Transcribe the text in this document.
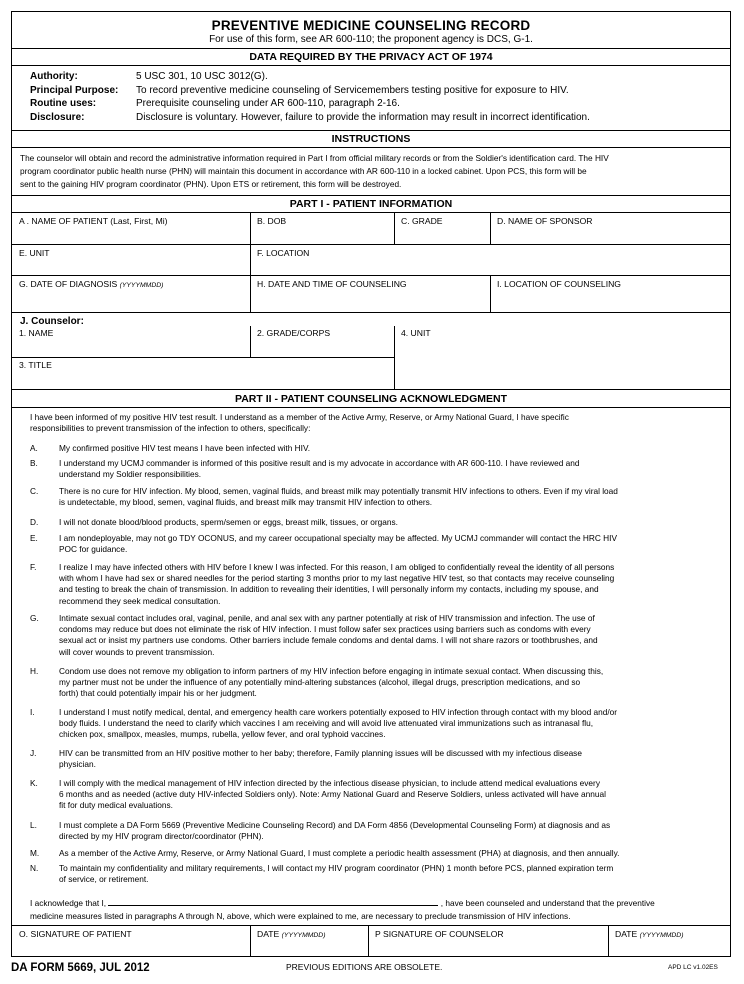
PREVENTIVE MEDICINE COUNSELING RECORD
For use of this form, see AR 600-110; the proponent agency is DCS, G-1.
DATA REQUIRED BY THE PRIVACY ACT OF 1974
Authority:	5 USC 301, 10 USC 3012(G).
Principal Purpose: To record preventive medicine counseling of Servicemembers testing positive for exposure to HIV.
Routine uses:	Prerequisite counseling under AR 600-110, paragraph 2-16.
Disclosure:	Disclosure is voluntary. However, failure to provide the information may result in incorrect identification.
INSTRUCTIONS
The counselor will obtain and record the administrative information required in Part I from official military records or from the Soldier's identification card. The HIV
program coordinator public health nurse (PHN) will maintain this document in accordance with AR 600-110 in a locked cabinet. Upon PCS, this form will be
sent to the gaining HIV program coordinator (PHN). Upon ETS or retirement, this form will be destroyed.
PART I - PATIENT INFORMATION
A . NAME OF PATIENT (Last, First, Mi)	B. DOB	C. GRADE	D. NAME OF SPONSOR
E. UNIT	F. LOCATION
G. DATE OF DIAGNOSIS (YYYYMMDD)	H. DATE AND TIME OF COUNSELING	I. LOCATION OF COUNSELING
J. Counselor:
1. NAME	2. GRADE/CORPS	4. UNIT
3. TITLE
PART II - PATIENT COUNSELING ACKNOWLEDGMENT
I have been informed of my positive HIV test result. I understand as a member of the Active Army, Reserve, or Army National Guard, I have specific
responsibilities to prevent transmission of the infection to others, specifically:
A.	My confirmed positive HIV test means I have been infected with HIV.
B.	I understand my UCMJ commander is informed of this positive result and is my advocate in accordance with AR 600-110. I have reviewed and
understand my Soldier responsibilities.
C. There is no cure for HIV infection. My blood, semen, vaginal fluids, and breast milk may potentially transmit HIV infections to others. Even if my viral load
is undetectable, my blood, semen, vaginal fluids, and breast milk may transmit HIV infection to others.
D. I will not donate blood/blood products, sperm/semen or eggs, breast milk, tissues, or organs.
E.	I am nondeployable, may not go TDY OCONUS, and my career occupational specialty may be affected. My UCMJ commander will contact the HRC HIV
POC for guidance.
F.	I realize I may have infected others with HIV before I knew I was infected. For this reason, I am obliged to confidentially reveal the identity of all persons
with whom I have had sex or shared needles for the period starting 3 months prior to my last negative HIV test, so that contacts may receive counseling
and testing to break the chain of transmission. In addition to revealing their identities, I will personally inform my contacts, including my spouse, and
recommend they seek medical consultation.
G. Intimate sexual contact includes oral, vaginal, penile, and anal sex with any partner potentially at risk of HIV transmission and infection. The use of
condoms may reduce but does not eliminate the risk of HIV infection. I must follow safer sex practices using barriers such as condoms with every
sexual act or insist my partners use condoms. Other barriers include female condoms and dental dams. I will not share razors or toothbrushes, and
will cover wounds to prevent transmission.
H. Condom use does not remove my obligation to inform partners of my HIV infection before engaging in intimate sexual contact. When discussing this,
my partner must not be under the influence of any potentially mind-altering substances (alcohol, illegal drugs, prescription medications, and so
forth) that could potentially impair his or her judgment.
I.	I understand I must notify medical, dental, and emergency health care workers potentially exposed to HIV infection through contact with my blood and/or
body fluids. I understand the need to clarify which vaccines I am receiving and will avoid live attenuated viral immunizations such as intranasal flu,
chicken pox, smallpox, measles, mumps, rubella, yellow fever, and oral typhoid vaccines.
J.	HIV can be transmitted from an HIV positive mother to her baby; therefore, Family planning issues will be discussed with my infectious disease
physician.
K.	I will comply with the medical management of HIV infection directed by the infectious disease physician, to include attend medical evaluations every
6 months and as needed (active duty HIV-infected Soldiers only). Note: Army National Guard and Reserve Soldiers, unless activated will have annual
fit for duty medical evaluations.
L.	I must complete a DA Form 5669 (Preventive Medicine Counseling Record) and DA Form 4856 (Developmental Counseling Form) at diagnosis and as
directed by my HIV program director/coordinator (PHN).
M. As a member of the Active Army, Reserve, or Army National Guard, I must complete a periodic health assessment (PHA) at diagnosis, and then annually.
N. To maintain my confidentiality and military requirements, I will contact my HIV program coordinator (PHN) 1 month before PCS, planned expiration term
of service, or retirement.
I acknowledge that I,	, have been counseled and understand that the preventive
medicine measures listed in paragraphs A through N, above, which were explained to me, are necessary to preclude transmission of HIV infections.
O. SIGNATURE OF PATIENT	DATE (YYYYMMDD)	P SIGNATURE OF COUNSELOR	DATE (YYYYMMDD)
DA FORM 5669, JUL 2012	PREVIOUS EDITIONS ARE OBSOLETE.	APD LC v1.02ES
